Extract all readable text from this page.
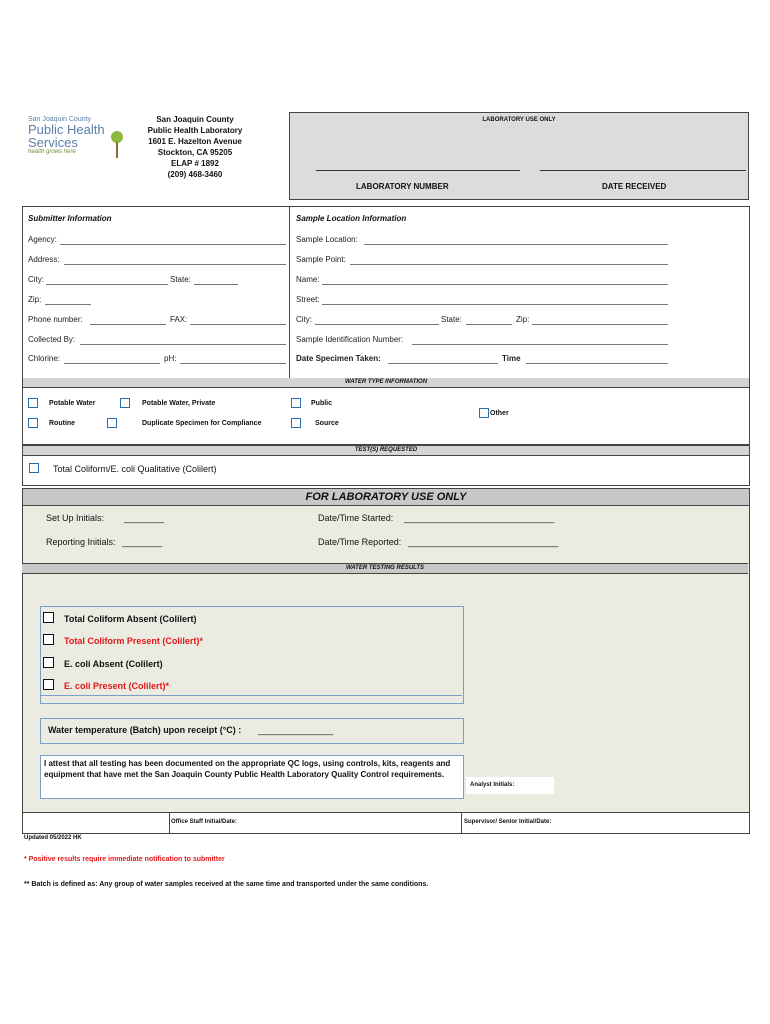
San Joaquin County
Public Health
Services
health grows here
San Joaquin County
Public Health Laboratory
1601 E. Hazelton Avenue
Stockton, CA 95205
ELAP # 1892
(209) 468-3460
LABORATORY USE ONLY
LABORATORY NUMBER	DATE RECEIVED
Submitter Information	Sample Location Information
Agency:
Address:
City:	State:
Zip:
Phone number:	FAX:
Collected By:
Chlorine:	pH:
Sample Location:
Sample Point:
Name:
Street:
City:	State:	Zip:
Sample Identification Number:
Date Specimen Taken:	Time
WATER TYPE INFORMATION
Potable Water	Potable Water, Private	Public
Other
Routine	Duplicate Specimen for Compliance	Source
TEST(S) REQUESTED
Total Coliform/E. coli Qualitative (Colilert)
FOR LABORATORY USE ONLY
Set Up Initials: ________	Date/Time Started: ______________________________
Reporting Initials: ________	Date/Time Reported: ______________________________
WATER TESTING RESULTS
Total Coliform Absent (Colilert)
Total Coliform Present (Colilert)*
E. coli Absent (Colilert)
E. coli Present (Colilert)*
Water temperature (Batch) upon receipt (°C) : _______________
I attest that all testing has been documented on the appropriate QC logs, using controls, kits, reagents and equipment that have met the San Joaquin County Public Health Laboratory Quality Control requirements.
Analyst Initials:
Office Staff Initial/Date:	Supervisor/ Senior Initial/Date:
Updated 05/2022 HK
* Positive results require immediate notification to submitter
** Batch is defined as: Any group of water samples received at the same time and transported under the same conditions.
